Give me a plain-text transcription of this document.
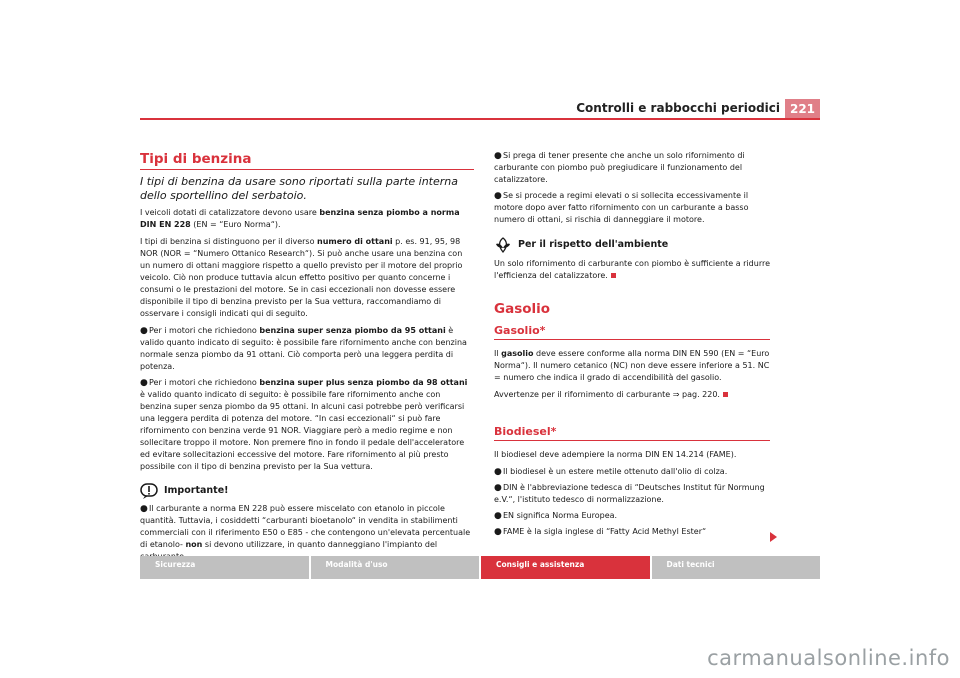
Controlli e rabbocchi periodici 221
Tipi di benzina
I tipi di benzina da usare sono riportati sulla parte interna dello sportellino del serbatoio.

I veicoli dotati di catalizzatore devono usare benzina senza piombo a norma DIN EN 228 (EN = “Euro Norma“).

I tipi di benzina si distinguono per il diverso numero di ottani p. es. 91, 95, 98 NOR (NOR = “Numero Ottanico Research“). Si può anche usare una benzina con un numero di ottani maggiore rispetto a quello previsto per il motore del proprio veicolo. Ciò non produce tuttavia alcun effetto positivo per quanto concerne i consumi o le prestazioni del motore. Se in casi eccezionali non dovesse essere disponibile il tipo di benzina previsto per la Sua vettura, raccomandiamo di osservare i consigli indicati qui di seguito.

●Per i motori che richiedono benzina super senza piombo da 95 ottani è valido quanto indicato di seguito: è possibile fare rifornimento anche con benzina normale senza piombo da 91 ottani. Ciò comporta però una leggera perdita di potenza.
●Per i motori che richiedono benzina super plus senza piombo da 98 ottani è valido quanto indicato di seguito: è possibile fare rifornimento anche con benzina super senza piombo da 95 ottani. In alcuni casi potrebbe però verificarsi una leggera perdita di potenza del motore. “In casi eccezionali“ si può fare rifornimento con benzina verde 91 NOR. Viaggiare però a medio regime e non sollecitare troppo il motore. Non premere fino in fondo il pedale dell'acceleratore ed evitare sollecitazioni eccessive del motore. Fare rifornimento al più presto possibile con il tipo di benzina previsto per la Sua vettura.
Importante!
●Il carburante a norma EN 228 può essere miscelato con etanolo in piccole quantità. Tuttavia, i cosiddetti “carburanti bioetanolo“ in vendita in stabilimenti commerciali con il riferimento E50 o E85 - che contengono un'elevata percentuale di etanolo- non si devono utilizzare, in quanto danneggiano l'impianto del
●Si prega di tener presente che anche un solo rifornimento di carburante con piombo può pregiudicare il funzionamento del catalizzatore.
●Se si procede a regimi elevati o si sollecita eccessivamente il motore dopo aver fatto rifornimento con un carburante a basso numero di ottani, si rischia di danneggiare il motore.
Per il rispetto dell'ambiente

Un solo rifornimento di carburante con piombo è sufficiente a ridurre l'efficienza del catalizzatore.

Gasolio
Gasolio*

Il gasolio deve essere conforme alla norma DIN EN 590 (EN = “Euro Norma“). Il numero cetanico (NC) non deve essere inferiore a 51. NC = numero che indica il grado di accendibilità del gasolio.

Avvertenze per il rifornimento di carburante ⇒ pag. 220.

Biodiesel*

Il biodiesel deve adempiere la norma DIN EN 14.214 (FAME).

●Il biodiesel è un estere metile ottenuto dall'olio di colza.
●DIN è l'abbreviazione tedesca di “Deutsches Institut für Normung e.V.“, l'istituto tedesco di normalizzazione.
●EN significa Norma Europea.
●FAME è la sigla inglese di “Fatty Acid Methyl Ester“
Sicurezza	Modalità d'uso	Consigli e assistenza	Dati tecnici
carmanualsonline.info
